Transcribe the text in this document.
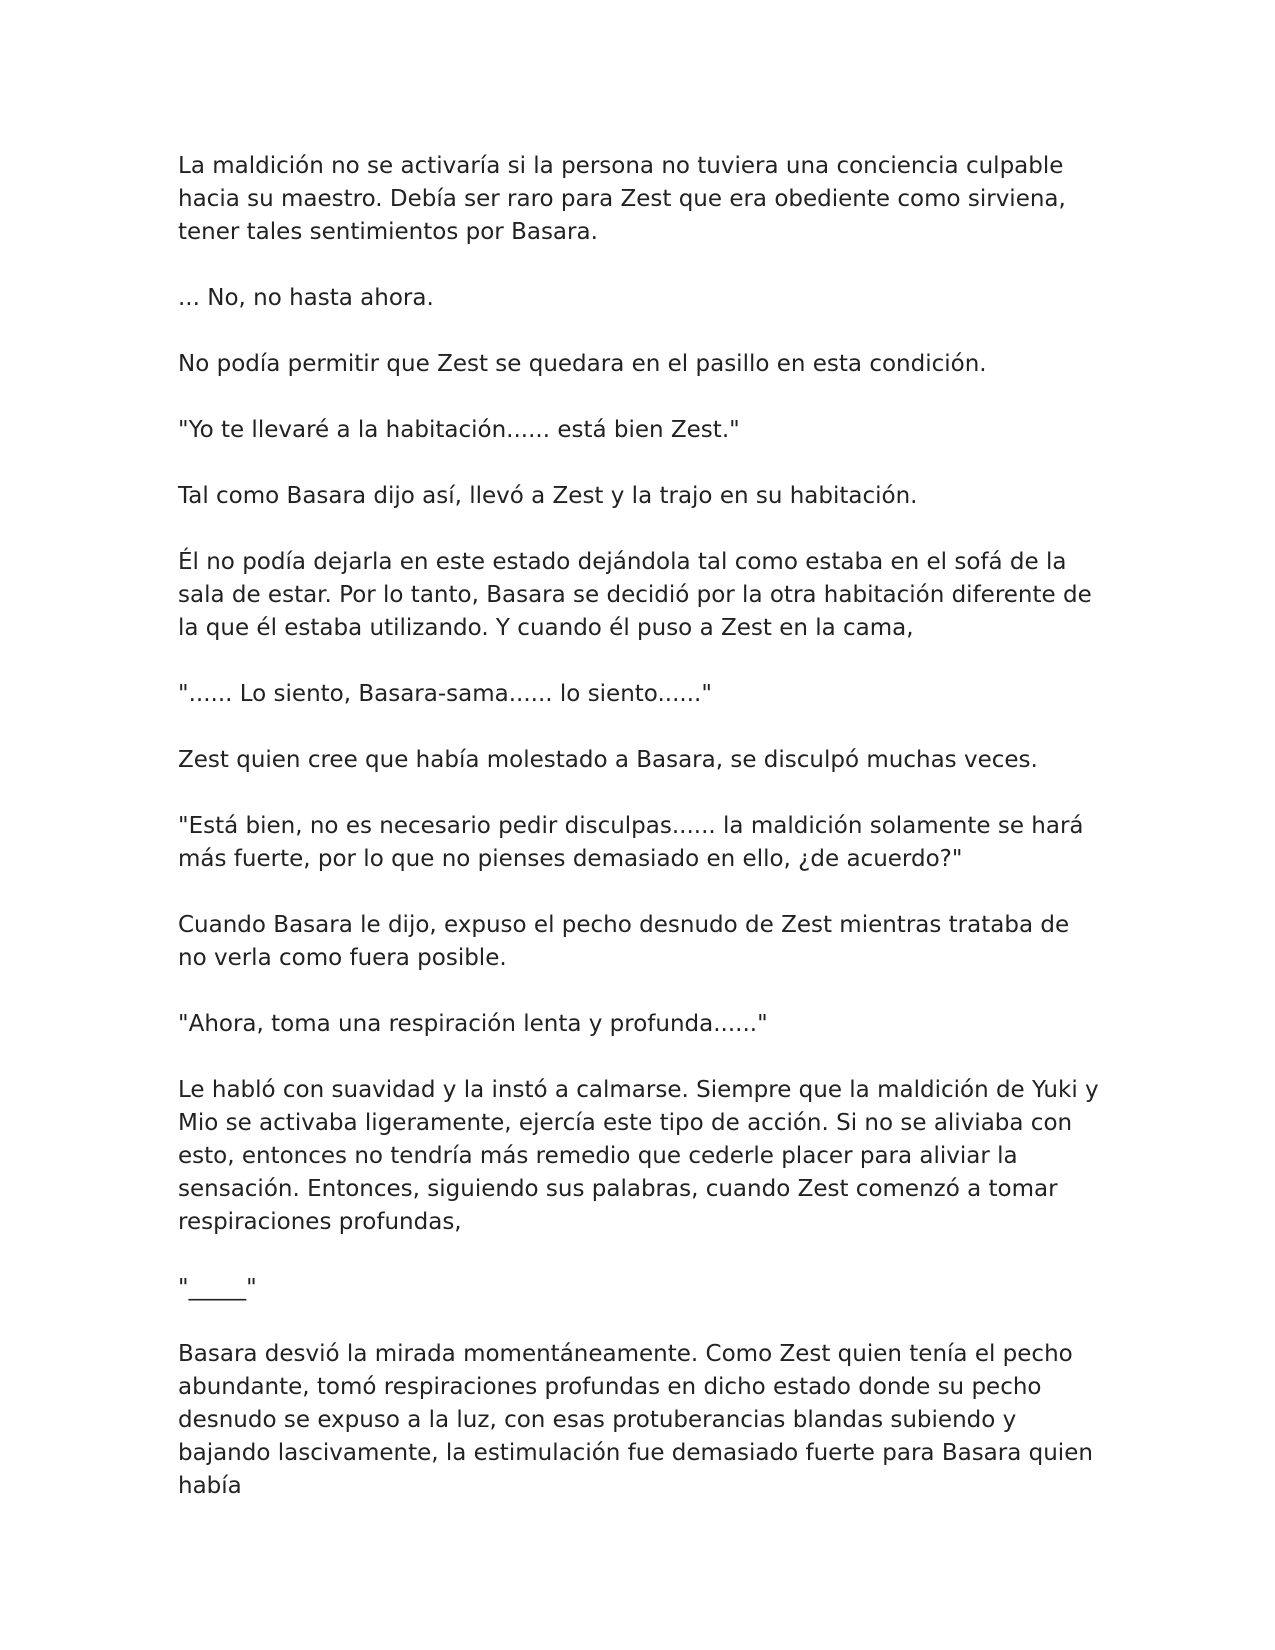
La maldición no se activaría si la persona no tuviera una conciencia culpable hacia su maestro. Debía ser raro para Zest que era obediente como sirviena, tener tales sentimientos por Basara.

... No, no hasta ahora.

No podía permitir que Zest se quedara en el pasillo en esta condición.

"Yo te llevaré a la habitación...... está bien Zest."

Tal como Basara dijo así, llevó a Zest y la trajo en su habitación.

Él no podía dejarla en este estado dejándola tal como estaba en el sofá de la sala de estar. Por lo tanto, Basara se decidió por la otra habitación diferente de la que él estaba utilizando. Y cuando él puso a Zest en la cama,

"...... Lo siento, Basara-sama...... lo siento......"

Zest quien cree que había molestado a Basara, se disculpó muchas veces.

"Está bien, no es necesario pedir disculpas...... la maldición solamente se hará más fuerte, por lo que no pienses demasiado en ello, ¿de acuerdo?"

Cuando Basara le dijo, expuso el pecho desnudo de Zest mientras trataba de no verla como fuera posible.

"Ahora, toma una respiración lenta y profunda......"

Le habló con suavidad y la instó a calmarse. Siempre que la maldición de Yuki y Mio se activaba ligeramente, ejercía este tipo de acción. Si no se aliviaba con esto, entonces no tendría más remedio que cederle placer para aliviar la sensación. Entonces, siguiendo sus palabras, cuando Zest comenzó a tomar respiraciones profundas,

"_____"

Basara desvió la mirada momentáneamente. Como Zest quien tenía el pecho abundante, tomó respiraciones profundas en dicho estado donde su pecho desnudo se expuso a la luz, con esas protuberancias blandas subiendo y bajando lascivamente, la estimulación fue demasiado fuerte para Basara quien había
